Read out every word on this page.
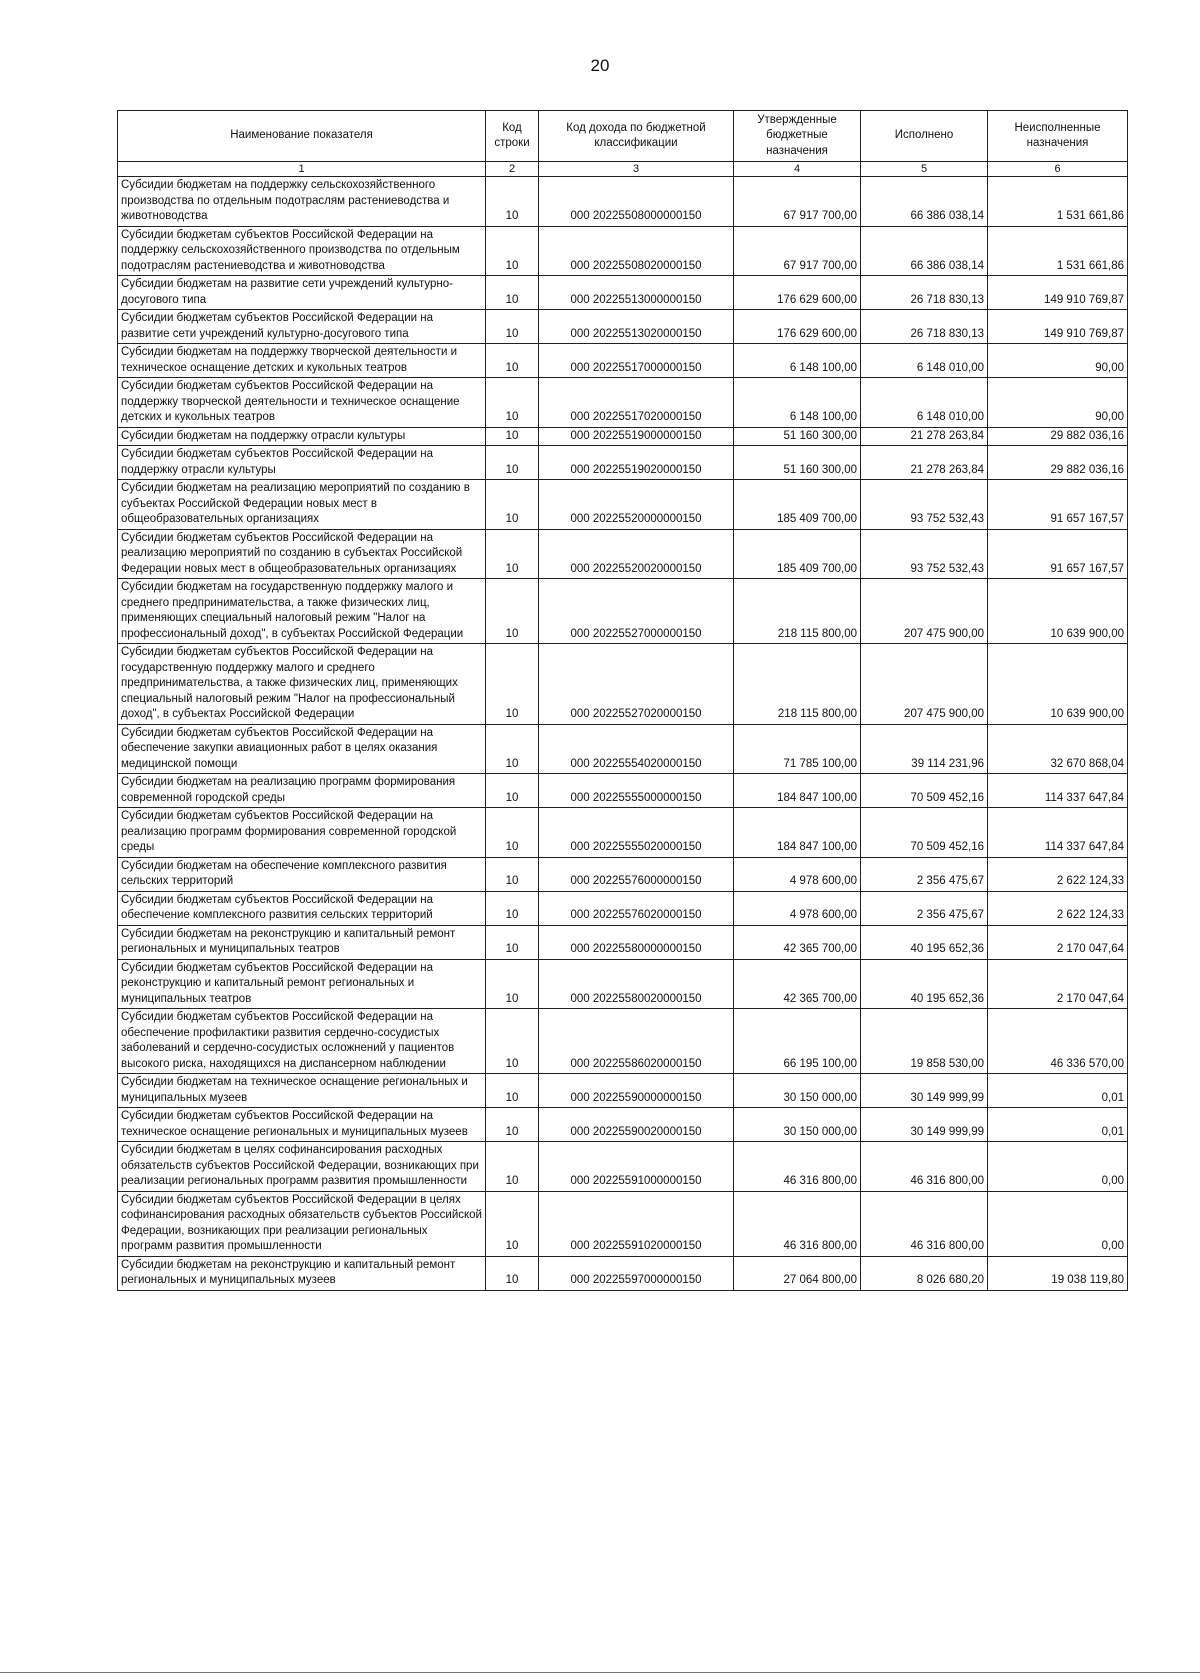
20
Наименование показателя	Код строки	Код дохода по бюджетной классификации	Утвержденные бюджетные назначения	Исполнено	Неисполненные назначения
1	2	3	4	5	6
Субсидии бюджетам на поддержку сельскохозяйственного производства по отдельным подотраслям растениеводства и животноводства	10	000 20225508000000150	67 917 700,00	66 386 038,14	1 531 661,86
Субсидии бюджетам субъектов Российской Федерации на поддержку сельскохозяйственного производства по отдельным подотраслям растениеводства и животноводства	10	000 20225508020000150	67 917 700,00	66 386 038,14	1 531 661,86
Субсидии бюджетам на развитие сети учреждений культурно-досугового типа	10	000 20225513000000150	176 629 600,00	26 718 830,13	149 910 769,87
Субсидии бюджетам субъектов Российской Федерации на развитие сети учреждений культурно-досугового типа	10	000 20225513020000150	176 629 600,00	26 718 830,13	149 910 769,87
Субсидии бюджетам на поддержку творческой деятельности и техническое оснащение детских и кукольных театров	10	000 20225517000000150	6 148 100,00	6 148 010,00	90,00
Субсидии бюджетам субъектов Российской Федерации на поддержку творческой деятельности и техническое оснащение детских и кукольных театров	10	000 20225517020000150	6 148 100,00	6 148 010,00	90,00
Субсидии бюджетам на поддержку отрасли культуры	10	000 20225519000000150	51 160 300,00	21 278 263,84	29 882 036,16
Субсидии бюджетам субъектов Российской Федерации на поддержку отрасли культуры	10	000 20225519020000150	51 160 300,00	21 278 263,84	29 882 036,16
Субсидии бюджетам на реализацию мероприятий по созданию в субъектах Российской Федерации новых мест в общеобразовательных организациях	10	000 20225520000000150	185 409 700,00	93 752 532,43	91 657 167,57
Субсидии бюджетам субъектов Российской Федерации на реализацию мероприятий по созданию в субъектах Российской Федерации новых мест в общеобразовательных организациях	10	000 20225520020000150	185 409 700,00	93 752 532,43	91 657 167,57
Субсидии бюджетам на государственную поддержку малого и среднего предпринимательства, а также физических лиц, применяющих специальный налоговый режим "Налог на профессиональный доход", в субъектах Российской Федерации	10	000 20225527000000150	218 115 800,00	207 475 900,00	10 639 900,00
Субсидии бюджетам субъектов Российской Федерации на государственную поддержку малого и среднего предпринимательства, а также физических лиц, применяющих специальный налоговый режим "Налог на профессиональный доход", в субъектах Российской Федерации	10	000 20225527020000150	218 115 800,00	207 475 900,00	10 639 900,00
Субсидии бюджетам субъектов Российской Федерации на обеспечение закупки авиационных работ в целях оказания медицинской помощи	10	000 20225554020000150	71 785 100,00	39 114 231,96	32 670 868,04
Субсидии бюджетам на реализацию программ формирования современной городской среды	10	000 20225555000000150	184 847 100,00	70 509 452,16	114 337 647,84
Субсидии бюджетам субъектов Российской Федерации на реализацию программ формирования современной городской среды	10	000 20225555020000150	184 847 100,00	70 509 452,16	114 337 647,84
Субсидии бюджетам на обеспечение комплексного развития сельских территорий	10	000 20225576000000150	4 978 600,00	2 356 475,67	2 622 124,33
Субсидии бюджетам субъектов Российской Федерации на обеспечение комплексного развития сельских территорий	10	000 20225576020000150	4 978 600,00	2 356 475,67	2 622 124,33
Субсидии бюджетам на реконструкцию и капитальный ремонт региональных и муниципальных театров	10	000 20225580000000150	42 365 700,00	40 195 652,36	2 170 047,64
Субсидии бюджетам субъектов Российской Федерации на реконструкцию и капитальный ремонт региональных и муниципальных театров	10	000 20225580020000150	42 365 700,00	40 195 652,36	2 170 047,64
Субсидии бюджетам субъектов Российской Федерации на обеспечение профилактики развития сердечно-сосудистых заболеваний и сердечно-сосудистых осложнений у пациентов высокого риска, находящихся на диспансерном наблюдении	10	000 20225586020000150	66 195 100,00	19 858 530,00	46 336 570,00
Субсидии бюджетам на техническое оснащение региональных и муниципальных музеев	10	000 20225590000000150	30 150 000,00	30 149 999,99	0,01
Субсидии бюджетам субъектов Российской Федерации на техническое оснащение региональных и муниципальных музеев	10	000 20225590020000150	30 150 000,00	30 149 999,99	0,01
Субсидии бюджетам в целях софинансирования расходных обязательств субъектов Российской Федерации, возникающих при реализации региональных программ развития промышленности	10	000 20225591000000150	46 316 800,00	46 316 800,00	0,00
Субсидии бюджетам субъектов Российской Федерации в целях софинансирования расходных обязательств субъектов Российской Федерации, возникающих при реализации региональных программ развития промышленности	10	000 20225591020000150	46 316 800,00	46 316 800,00	0,00
Субсидии бюджетам на реконструкцию и капитальный ремонт региональных и муниципальных музеев	10	000 20225597000000150	27 064 800,00	8 026 680,20	19 038 119,80
